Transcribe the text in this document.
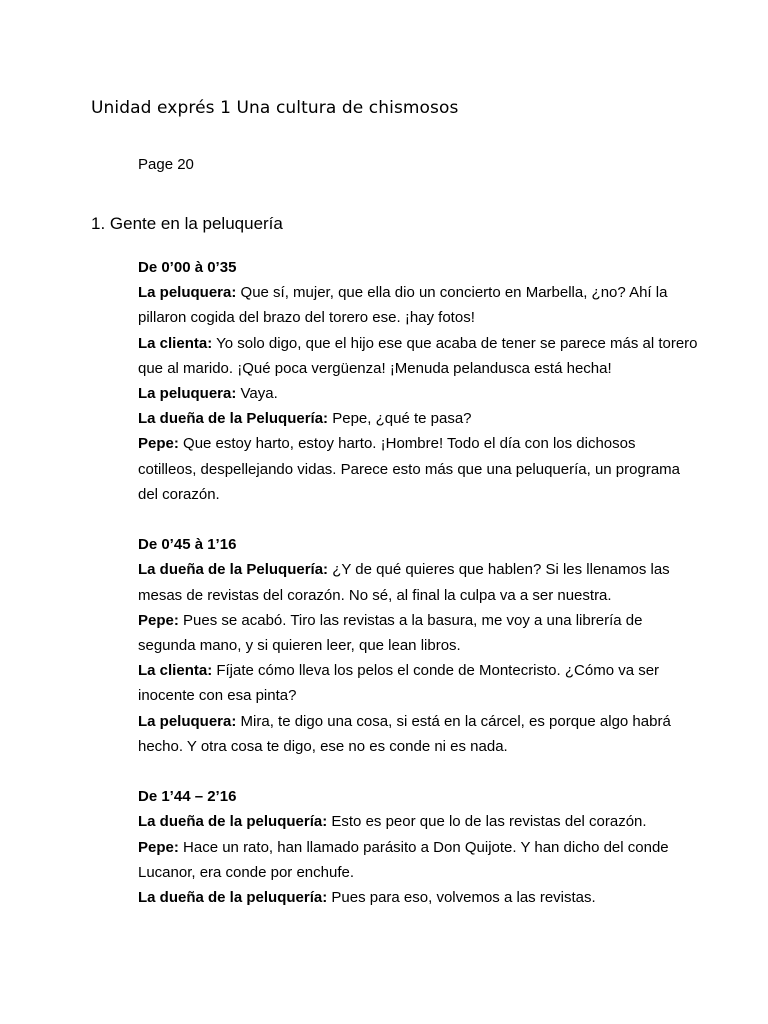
Unidad exprés 1 Una cultura de chismosos
Page 20
1. Gente en la peluquería

De 0’00 à 0’35

La peluquera: Que sí, mujer, que ella dio un concierto en Marbella, ¿no? Ahí la pillaron cogida del brazo del torero ese. ¡hay fotos!

La clienta: Yo solo digo, que el hijo ese que acaba de tener se parece más al torero que al marido. ¡Qué poca vergüenza! ¡Menuda pelandusca está hecha!

La peluquera: Vaya.

La dueña de la Peluquería: Pepe, ¿qué te pasa?

Pepe: Que estoy harto, estoy harto. ¡Hombre! Todo el día con los dichosos cotilleos, despellejando vidas. Parece esto más que una peluquería, un programa del corazón.

De 0’45 à 1’16

La dueña de la Peluquería: ¿Y de qué quieres que hablen? Si les llenamos las mesas de revistas del corazón. No sé, al final la culpa va a ser nuestra.

Pepe: Pues se acabó. Tiro las revistas a la basura, me voy a una librería de segunda mano, y si quieren leer, que lean libros.

La clienta: Fíjate cómo lleva los pelos el conde de Montecristo. ¿Cómo va ser inocente con esa pinta?

La peluquera: Mira, te digo una cosa, si está en la cárcel, es porque algo habrá hecho. Y otra cosa te digo, ese no es conde ni es nada.

De 1’44 – 2’16

La dueña de la peluquería: Esto es peor que lo de las revistas del corazón.

Pepe: Hace un rato, han llamado parásito a Don Quijote. Y han dicho del conde Lucanor, era conde por enchufe.

La dueña de la peluquería: Pues para eso, volvemos a las revistas.
